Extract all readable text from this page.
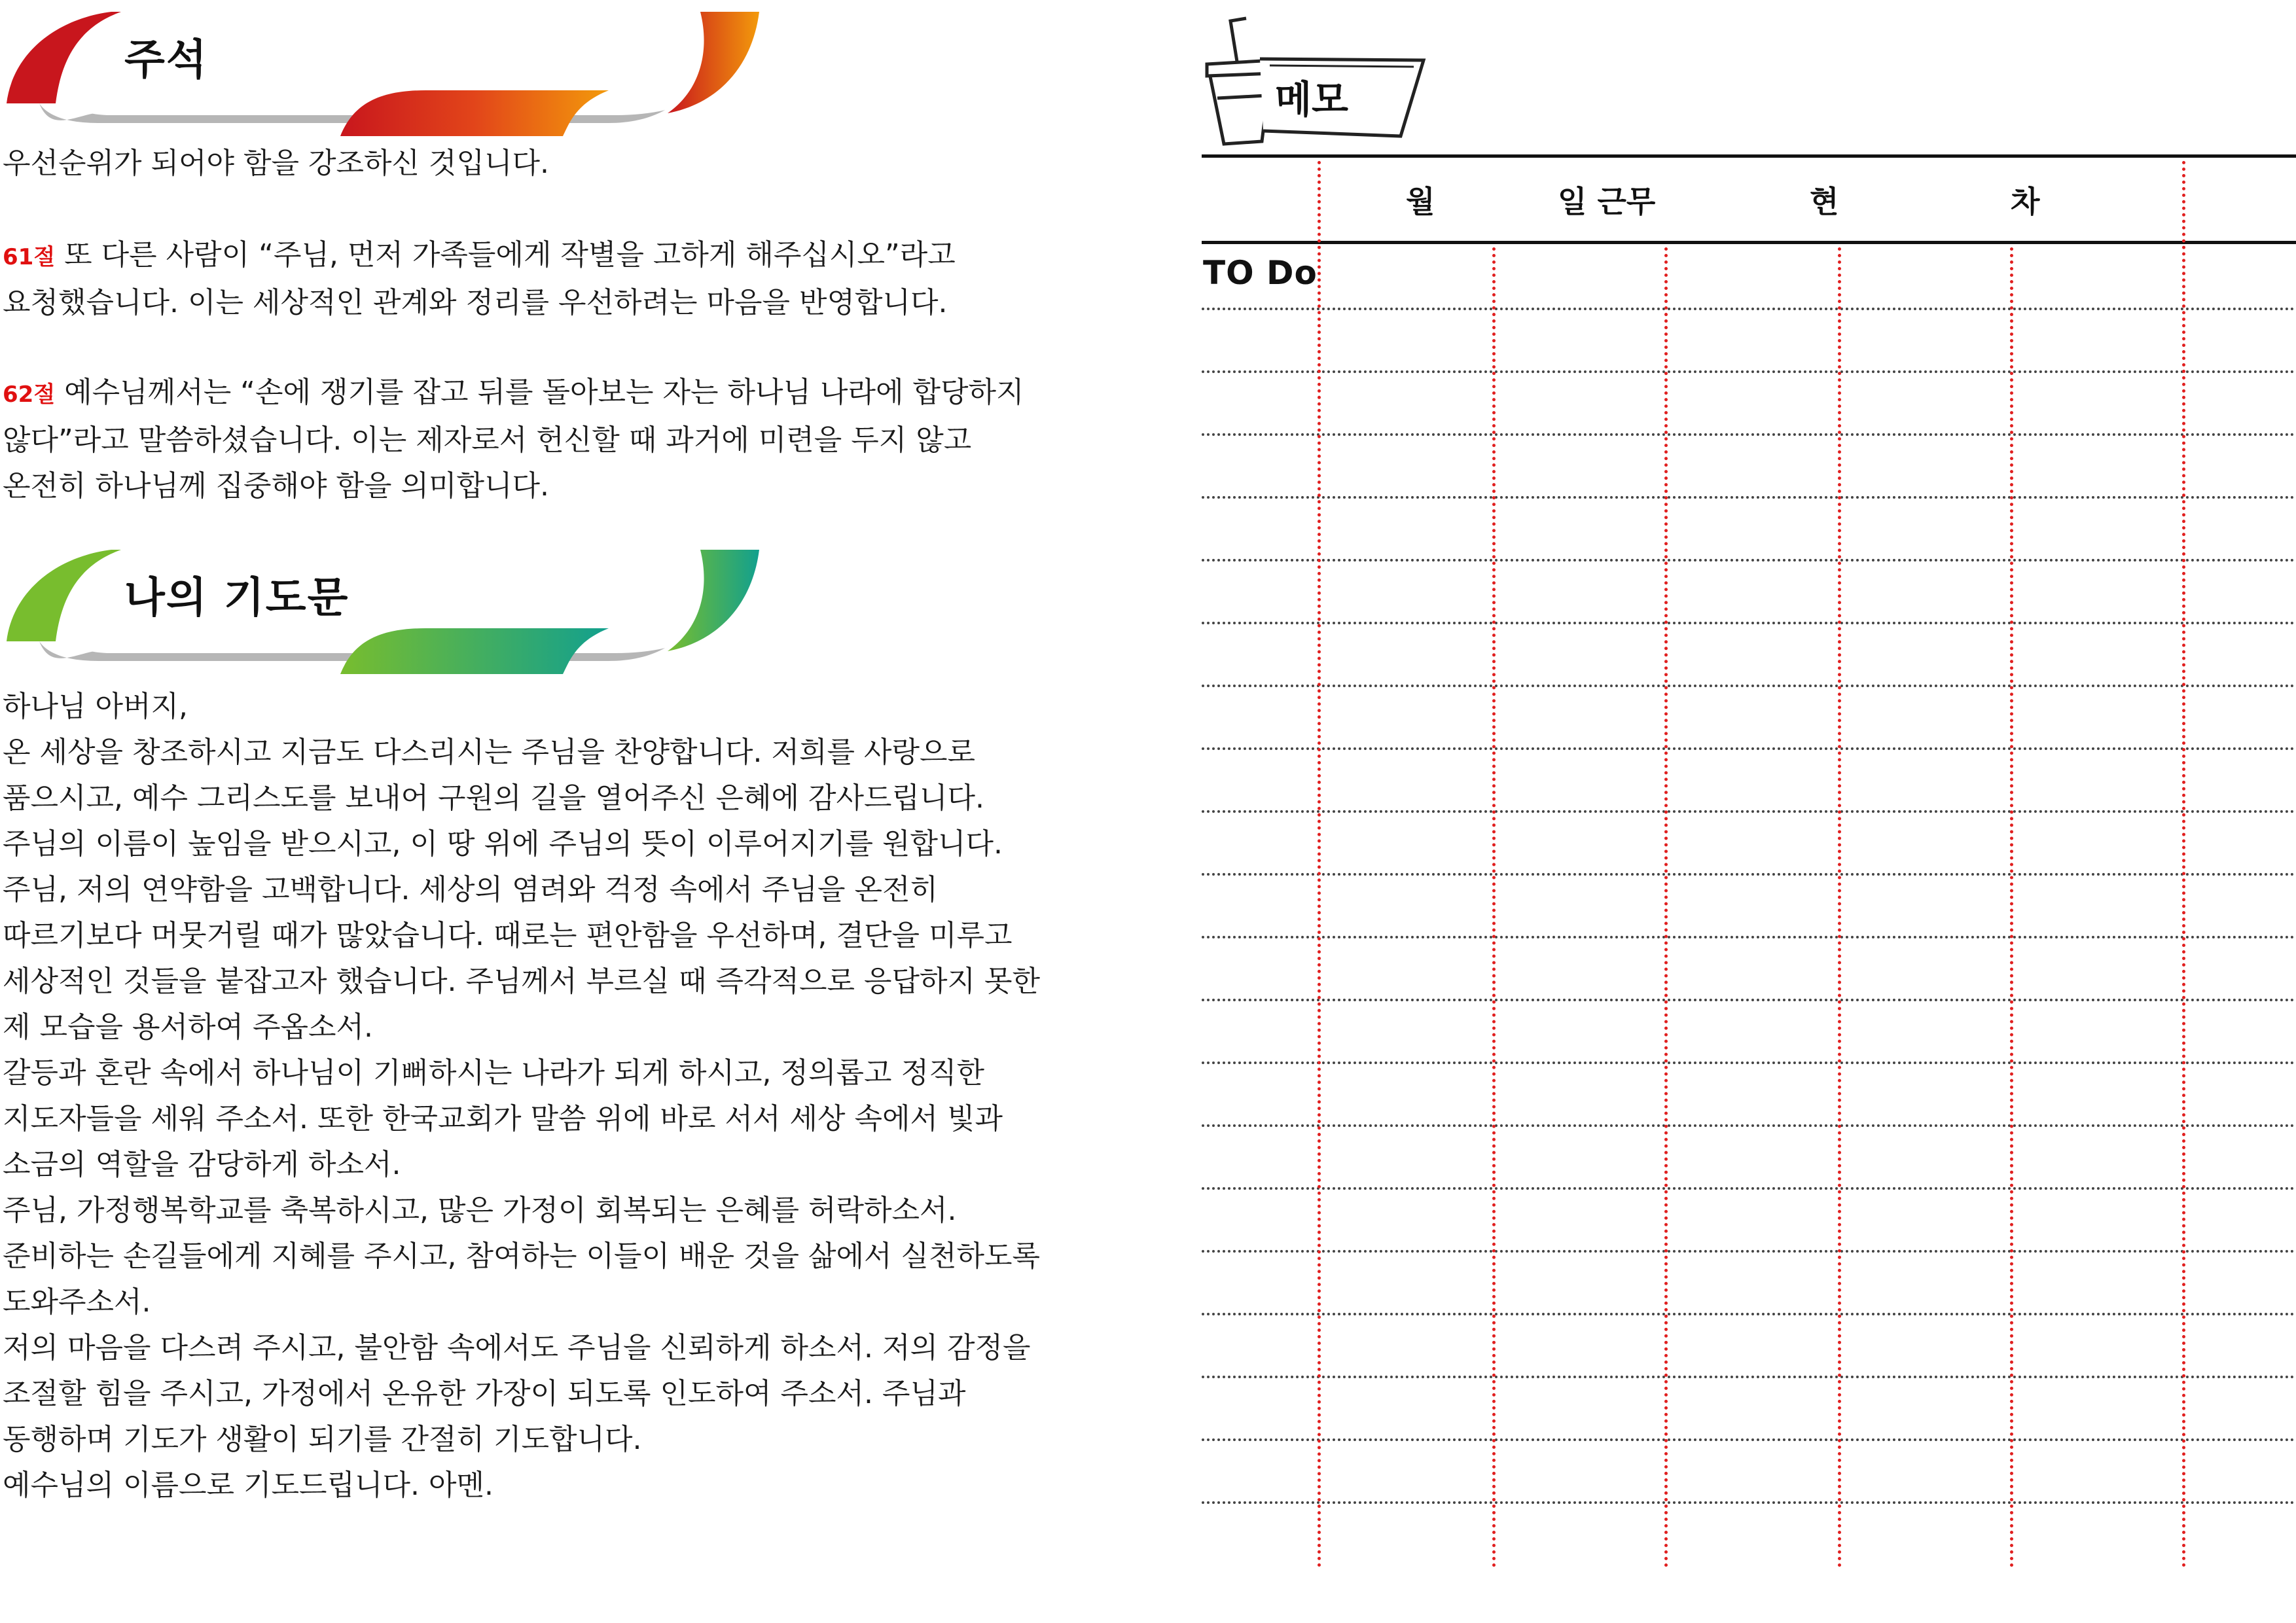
주석

우선순위가 되어야 함을 강조하신 것입니다.

61절 또 다른 사람이 “주님, 먼저 가족들에게 작별을 고하게 해주십시오”라고

요청했습니다. 이는 세상적인 관계와 정리를 우선하려는 마음을 반영합니다.

62절 예수님께서는 “손에 쟁기를 잡고 뒤를 돌아보는 자는 하나님 나라에 합당하지

않다”라고 말씀하셨습니다. 이는 제자로서 헌신할 때 과거에 미련을 두지 않고

온전히 하나님께 집중해야 함을 의미합니다.

나의 기도문

하나님 아버지,

온 세상을 창조하시고 지금도 다스리시는 주님을 찬양합니다. 저희를 사랑으로

품으시고, 예수 그리스도를 보내어 구원의 길을 열어주신 은혜에 감사드립니다.

주님의 이름이 높임을 받으시고, 이 땅 위에 주님의 뜻이 이루어지기를 원합니다.

주님, 저의 연약함을 고백합니다. 세상의 염려와 걱정 속에서 주님을 온전히

따르기보다 머뭇거릴 때가 많았습니다. 때로는 편안함을 우선하며, 결단을 미루고

세상적인 것들을 붙잡고자 했습니다. 주님께서 부르실 때 즉각적으로 응답하지 못한

제 모습을 용서하여 주옵소서.

갈등과 혼란 속에서 하나님이 기뻐하시는 나라가 되게 하시고, 정의롭고 정직한

지도자들을 세워 주소서. 또한 한국교회가 말씀 위에 바로 서서 세상 속에서 빛과

소금의 역할을 감당하게 하소서.

주님, 가정행복학교를 축복하시고, 많은 가정이 회복되는 은혜를 허락하소서.

준비하는 손길들에게 지혜를 주시고, 참여하는 이들이 배운 것을 삶에서 실천하도록

도와주소서.

저의 마음을 다스려 주시고, 불안함 속에서도 주님을 신뢰하게 하소서. 저의 감정을

조절할 힘을 주시고, 가정에서 온유한 가장이 되도록 인도하여 주소서. 주님과

동행하며 기도가 생활이 되기를 간절히 기도합니다.

예수님의 이름으로 기도드립니다. 아멘.

메모
월	일 근무	현	차
TO Do
